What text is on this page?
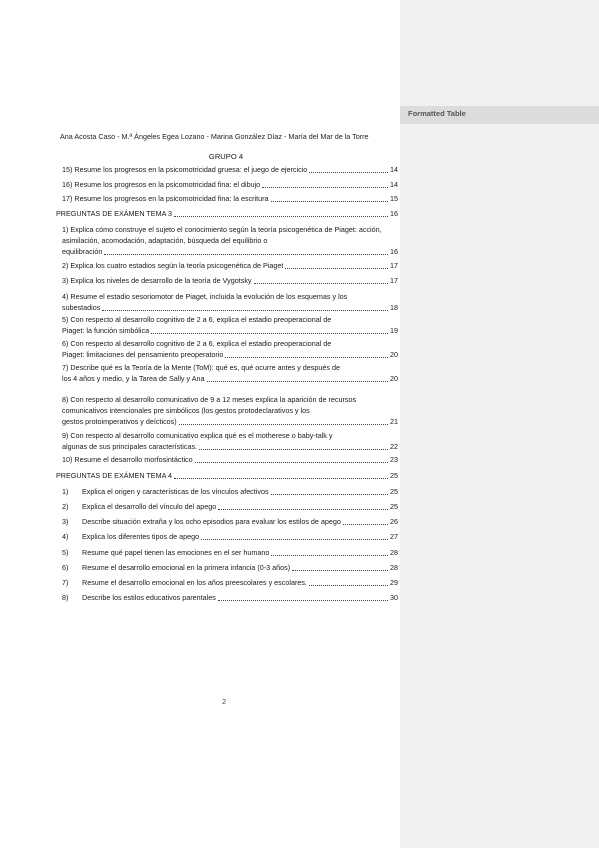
Ana Acosta Caso - M.ª Ángeles Egea Lozano - Marina González Díaz - María del Mar de la Torre
GRUPO 4
15) Resume los progresos en la psicomotricidad gruesa: el juego de ejercicio	14
16) Resume los progresos en la psicomotricidad fina: el dibujo	14
17) Resume los progresos en la psicomotricidad fina: la escritura	15
PREGUNTAS DE EXÁMEN TEMA 3	16
1) Explica cómo construye el sujeto el conocimiento según la teoría psicogenética de Piaget: acción, asimilación, acomodación, adaptación, búsqueda del equilibrio o
equilibración	16
2) Explica los cuatro estadios según la teoría psicogenética de Piaget	17
3) Explica los niveles de desarrollo de la teoría de Vygotsky	17
4) Resume el estadio sesoriomotor de Piaget, incluida la evolución de los esquemas y los
subestadios	18
5) Con respecto al desarrollo cognitivo de 2 a 6, explica el estadio preoperacional de
Piaget: la función simbólica	19
6) Con respecto al desarrollo cognitivo de 2 a 6, explica el estadio preoperacional de
Piaget: limitaciones del pensamiento preoperatorio	20
7) Describe qué es la Teoría de la Mente (ToM): qué es, qué ocurre antes y después de
los 4 años y medio, y la Tarea de Sally y Ana	20
8) Con respecto al desarrollo comunicativo de 9 a 12 meses explica la aparición de recursos comunicativos intencionales pre simbólicos (los gestos protodeclarativos y los
gestos protoimperativos y deícticos)	21
9) Con respecto al desarrollo comunicativo explica qué es el motherese o baby-talk y
algunas de sus principales características.	22
10) Resume el desarrollo morfosintáctico	23
PREGUNTAS DE EXÁMEN TEMA 4	25
1)	Explica el origen y características de los vínculos afectivos	25
2)	Explica el desarrollo del vínculo del apego	25
3)	Describe situación extraña y los ocho episodios para evaluar los estilos de apego	26
4)	Explica los diferentes tipos de apego	27
5)	Resume qué papel tienen las emociones en el ser humano	28
6)	Resume el desarrollo emocional en la primera infancia (0-3 años)	28
7)	Resume el desarrollo emocional en los años preescolares y escolares.	29
8)	Describe los estilos educativos parentales	30
2
Formatted Table
